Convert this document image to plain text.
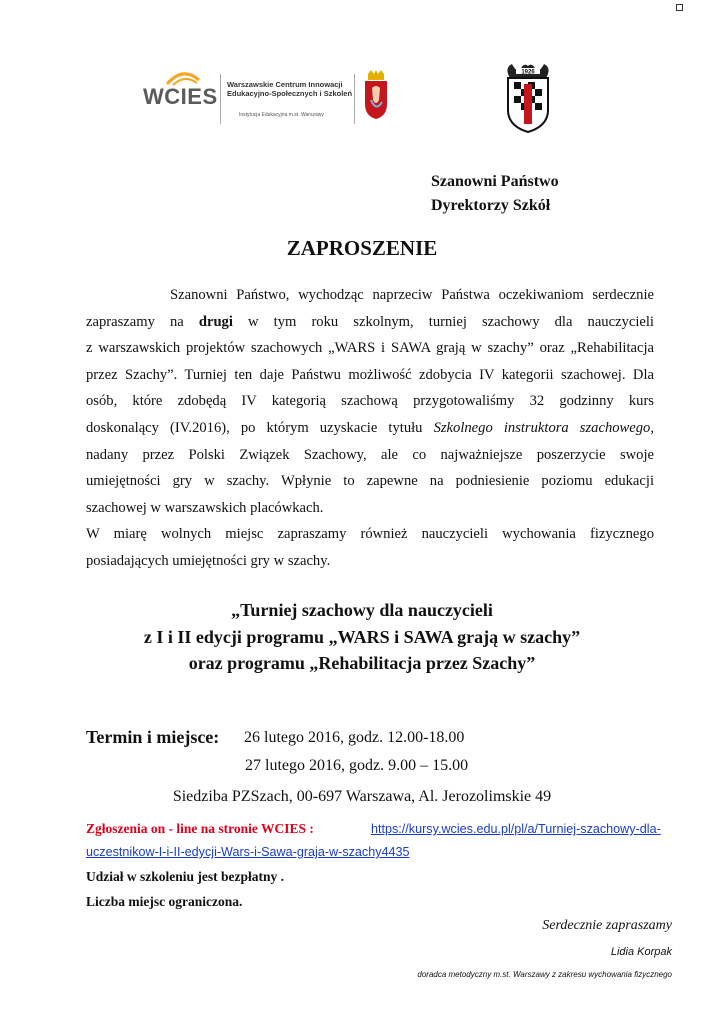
WCIES Warszawskie Centrum Innowacji
Edukacyjno-Społecznych i Szkoleń
Instytucja Edukacyjna m.st. Warszawy
1926
Szanowni Państwo
Dyrektorzy Szkół
ZAPROSZENIE
Szanowni Państwo, wychodząc naprzeciw Państwa oczekiwaniom serdecznie
zapraszamy na drugi w tym roku szkolnym, turniej szachowy dla nauczycieli
z warszawskich projektów szachowych „WARS i SAWA grają w szachy” oraz „Rehabilitacja
przez Szachy”. Turniej ten daje Państwu możliwość zdobycia IV kategorii szachowej. Dla
osób, które zdobędą IV kategorią szachową przygotowaliśmy 32 godzinny kurs
doskonalący (IV.2016), po którym uzyskacie tytułu Szkolnego instruktora szachowego,
nadany przez Polski Związek Szachowy, ale co najważniejsze poszerzycie swoje
umiejętności gry w szachy. Wpłynie to zapewne na podniesienie poziomu edukacji
szachowej w warszawskich placówkach.
W miarę wolnych miejsc zapraszamy również nauczycieli wychowania fizycznego
posiadających umiejętności gry w szachy.
„Turniej szachowy dla nauczycieli
z I i II edycji programu „WARS i SAWA grają w szachy”
oraz programu „Rehabilitacja przez Szachy”
Termin i miejsce: 26 lutego 2016, godz. 12.00-18.00
27 lutego 2016, godz. 9.00 – 15.00
Siedziba PZSzach, 00-697 Warszawa, Al. Jerozolimskie 49
Zgłoszenia on - line na stronie WCIES :	https://kursy.wcies.edu.pl/pl/a/Turniej-szachowy-dla-
uczestnikow-I-i-II-edycji-Wars-i-Sawa-graja-w-szachy4435
Udział w szkoleniu jest bezpłatny .
Liczba miejsc ograniczona.
Serdecznie zapraszamy
Lidia Korpak
doradca metodyczny m.st. Warszawy z zakresu wychowania fizycznego
